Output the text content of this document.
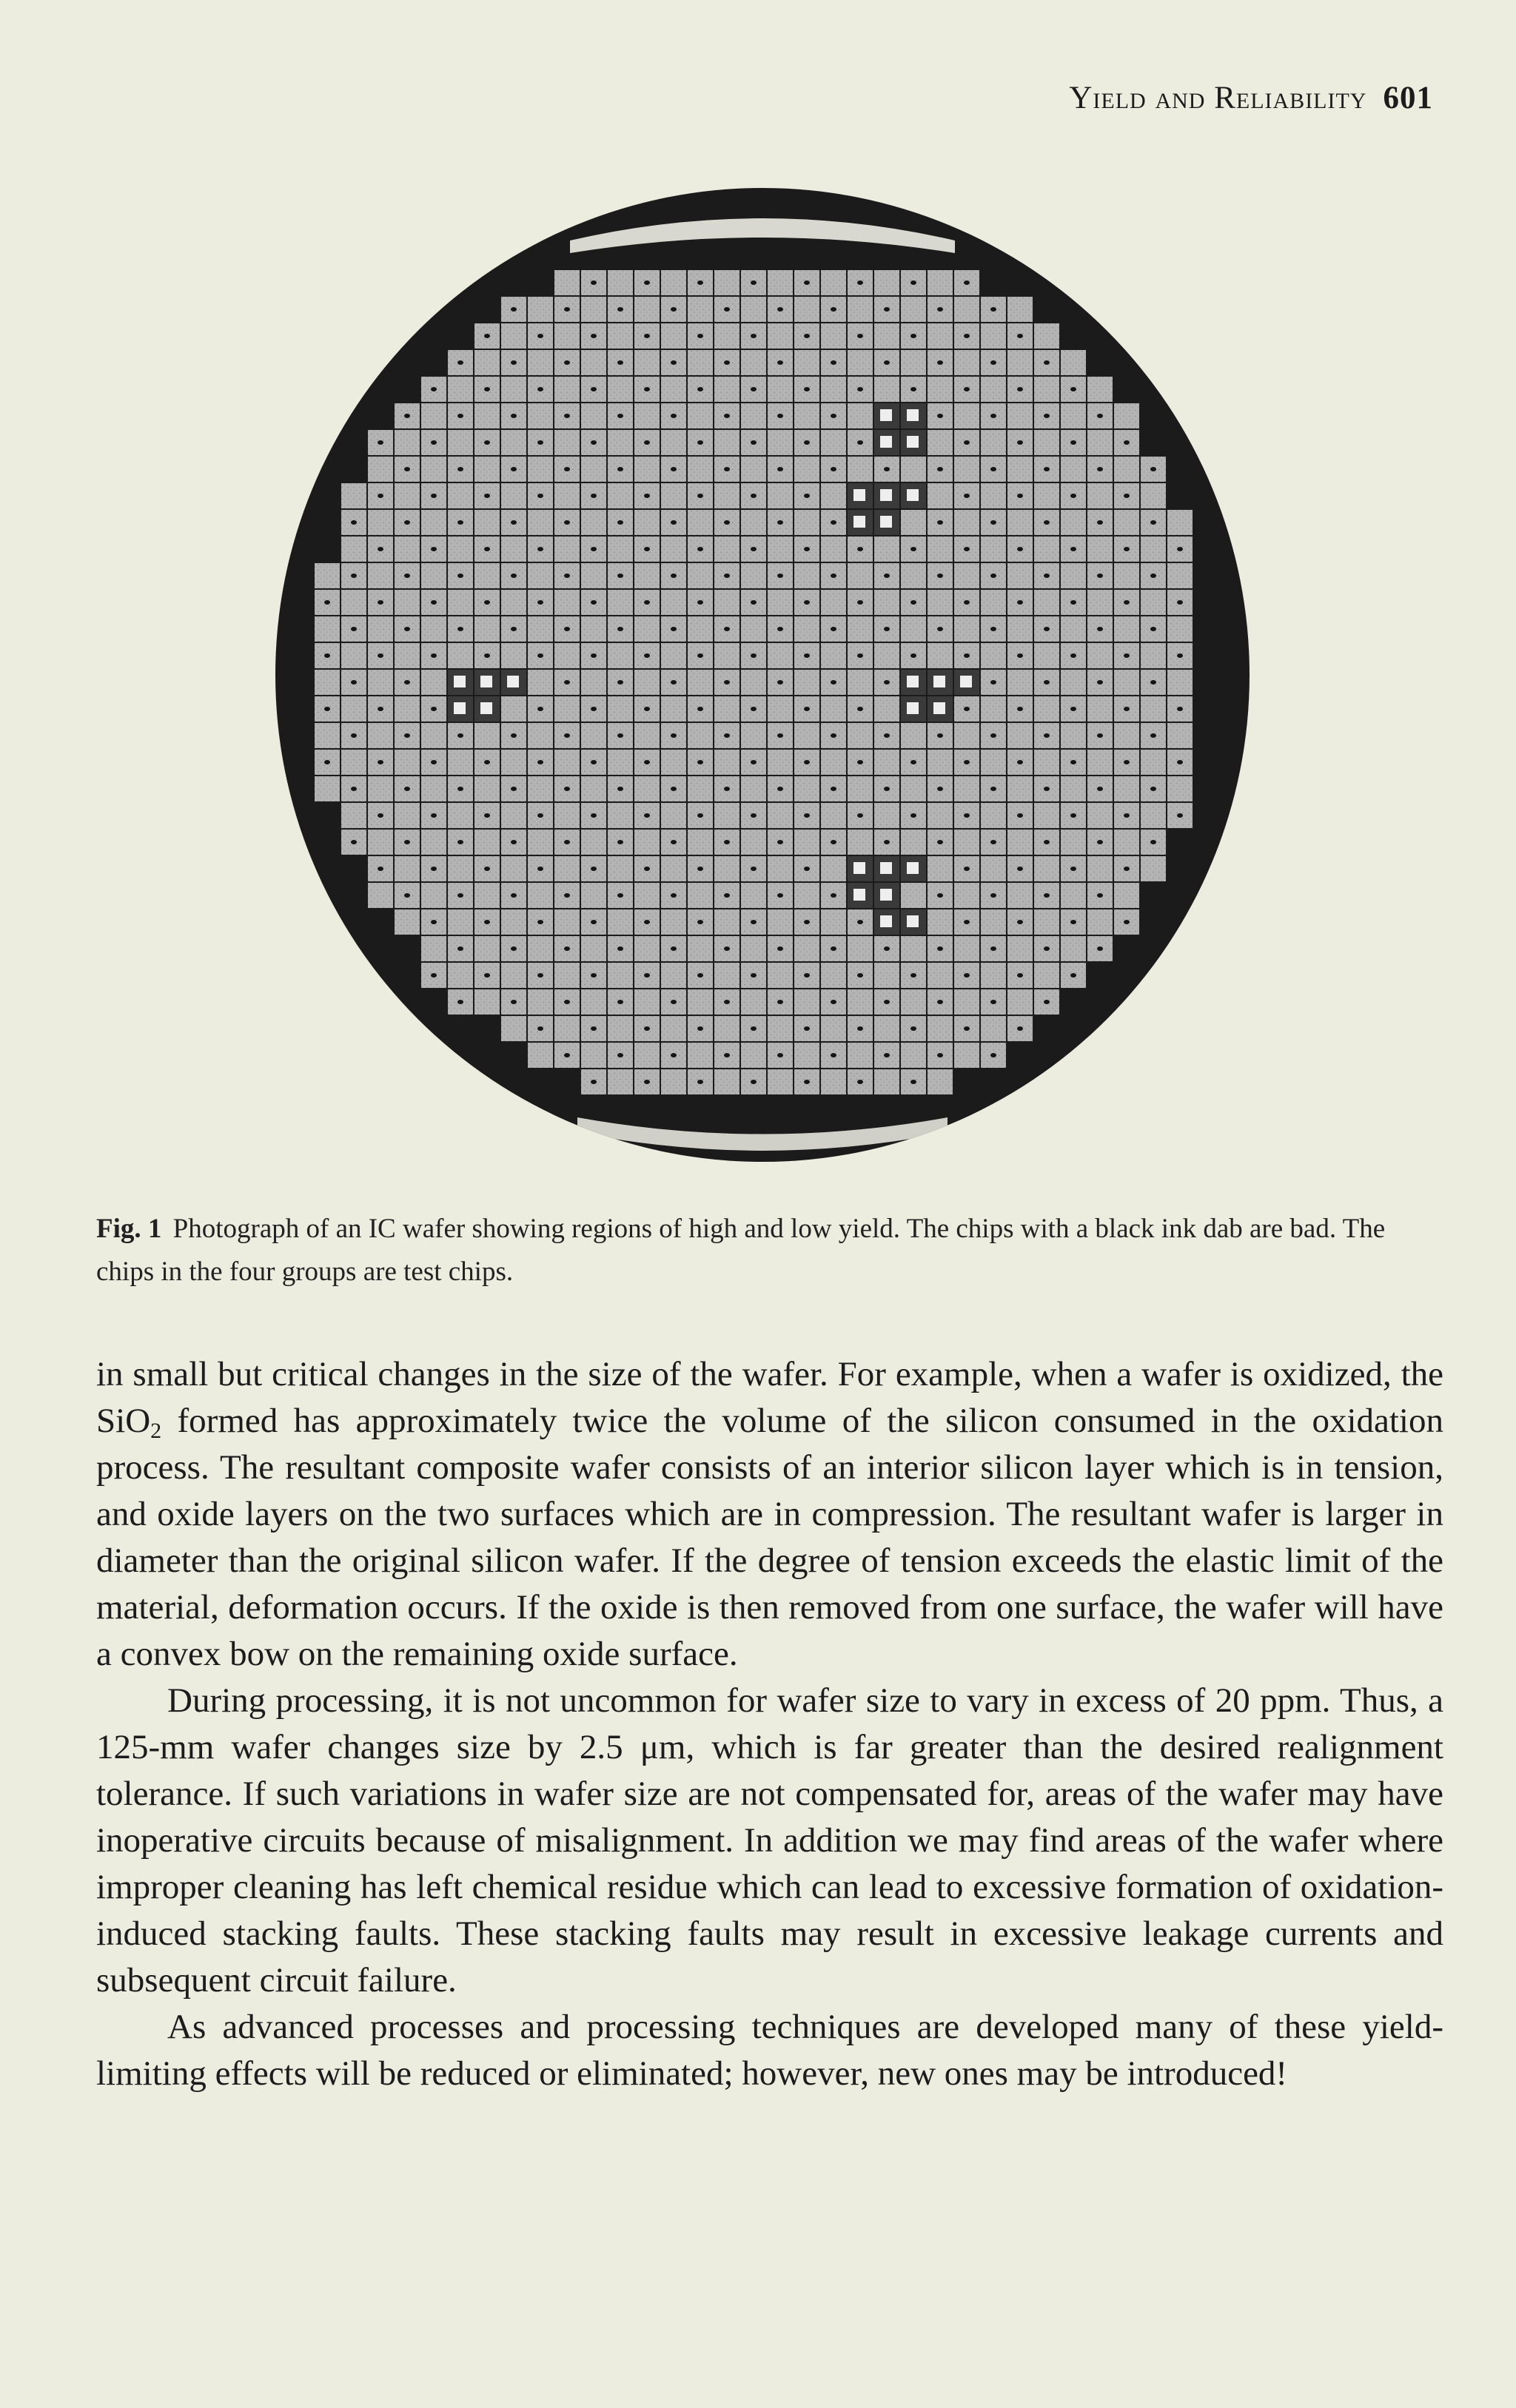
Yield and Reliability 601
Fig. 1 Photograph of an IC wafer showing regions of high and low yield. The chips with a black ink dab are bad. The chips in the four groups are test chips.

in small but critical changes in the size of the wafer. For example, when a wafer is oxidized, the SiO$_2$ formed has approximately twice the volume of the silicon consumed in the oxidation process. The resultant composite wafer consists of an interior silicon layer which is in tension, and oxide layers on the two surfaces which are in compression. The resultant wafer is larger in diameter than the original silicon wafer. If the degree of tension exceeds the elastic limit of the material, deformation occurs. If the oxide is then removed from one surface, the wafer will have a convex bow on the remaining oxide surface.

During processing, it is not uncommon for wafer size to vary in excess of 20 ppm. Thus, a 125-mm wafer changes size by 2.5 μm, which is far greater than the desired realignment tolerance. If such variations in wafer size are not compensated for, areas of the wafer may have inoperative circuits because of misalignment. In addition we may find areas of the wafer where improper cleaning has left chemical residue which can lead to excessive formation of oxidation-induced stacking faults. These stacking faults may result in excessive leakage currents and subsequent circuit failure.

As advanced processes and processing techniques are developed many of these yield-limiting effects will be reduced or eliminated; however, new ones may be introduced!
